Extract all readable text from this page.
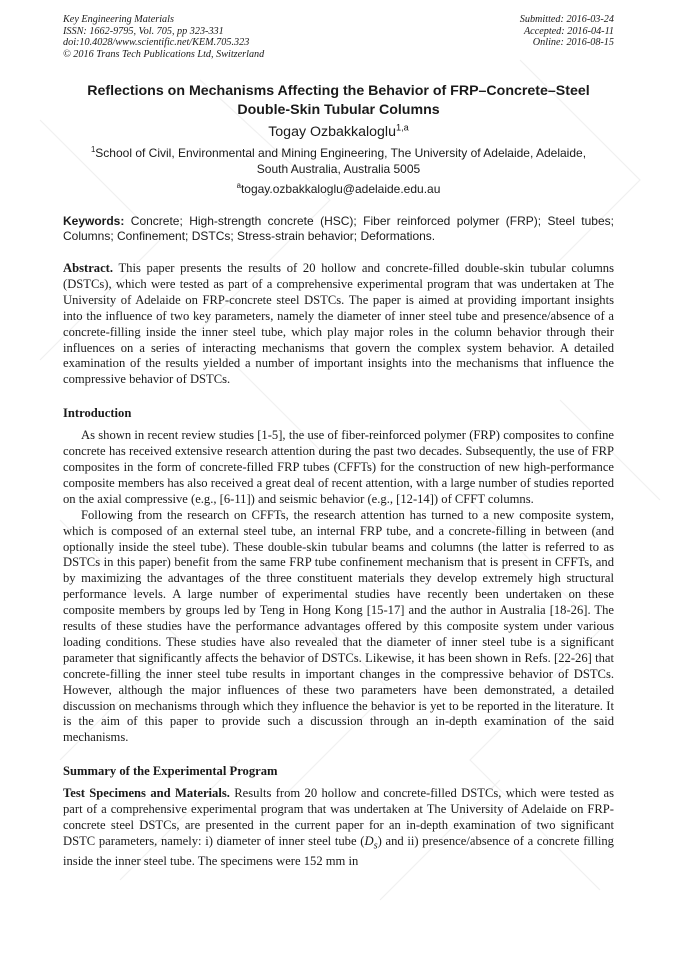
Key Engineering Materials
ISSN: 1662-9795, Vol. 705, pp 323-331
doi:10.4028/www.scientific.net/KEM.705.323
© 2016 Trans Tech Publications Ltd, Switzerland
Submitted: 2016-03-24
Accepted: 2016-04-11
Online: 2016-08-15
Reflections on Mechanisms Affecting the Behavior of FRP–Concrete–Steel Double-Skin Tubular Columns
Togay Ozbakkaloglu$^{1,a}$
$^1$School of Civil, Environmental and Mining Engineering, The University of Adelaide, Adelaide, South Australia, Australia 5005
$^a$togay.ozbakkaloglu@adelaide.edu.au
Keywords: Concrete; High-strength concrete (HSC); Fiber reinforced polymer (FRP); Steel tubes; Columns; Confinement; DSTCs; Stress-strain behavior; Deformations.

Abstract. This paper presents the results of 20 hollow and concrete-filled double-skin tubular columns (DSTCs), which were tested as part of a comprehensive experimental program that was undertaken at The University of Adelaide on FRP-concrete steel DSTCs. The paper is aimed at providing important insights into the influence of two key parameters, namely the diameter of inner steel tube and presence/absence of a concrete-filling inside the inner steel tube, which play major roles in the column behavior through their influences on a series of interacting mechanisms that govern the complex system behavior. A detailed examination of the results yielded a number of important insights into the mechanisms that influence the compressive behavior of DSTCs.

Introduction

As shown in recent review studies [1-5], the use of fiber-reinforced polymer (FRP) composites to confine concrete has received extensive research attention during the past two decades. Subsequently, the use of FRP composites in the form of concrete-filled FRP tubes (CFFTs) for the construction of new high-performance composite members has also received a great deal of recent attention, with a large number of studies reported on the axial compressive (e.g., [6-11]) and seismic behavior (e.g., [12-14]) of CFFT columns.

Following from the research on CFFTs, the research attention has turned to a new composite system, which is composed of an external steel tube, an internal FRP tube, and a concrete-filling in between (and optionally inside the steel tube). These double-skin tubular beams and columns (the latter is referred to as DSTCs in this paper) benefit from the same FRP tube confinement mechanism that is present in CFFTs, and by maximizing the advantages of the three constituent materials they develop extremely high structural performance levels. A large number of experimental studies have recently been undertaken on these composite members by groups led by Teng in Hong Kong [15-17] and the author in Australia [18-26]. The results of these studies have the performance advantages offered by this composite system under various loading conditions. These studies have also revealed that the diameter of inner steel tube is a significant parameter that significantly affects the behavior of DSTCs. Likewise, it has been shown in Refs. [22-26] that concrete-filling the inner steel tube results in important changes in the compressive behavior of DSTCs. However, although the major influences of these two parameters have been demonstrated, a detailed discussion on mechanisms through which they influence the behavior is yet to be reported in the literature. It is the aim of this paper to provide such a discussion through an in-depth examination of the said mechanisms.

Summary of the Experimental Program

Test Specimens and Materials. Results from 20 hollow and concrete-filled DSTCs, which were tested as part of a comprehensive experimental program that was undertaken at The University of Adelaide on FRP-concrete steel DSTCs, are presented in the current paper for an in-depth examination of two significant DSTC parameters, namely: i) diameter of inner steel tube $(D_s)$ and ii) presence/absence of a concrete filling inside the inner steel tube. The specimens were 152 mm in
